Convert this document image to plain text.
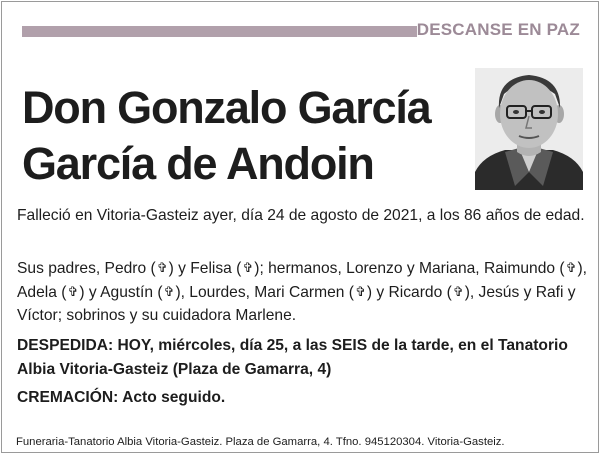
DESCANSE EN PAZ
Don Gonzalo García
García de Andoin

Falleció en Vitoria-Gasteiz ayer, día 24 de agosto de 2021, a los 86 años de edad.

Sus padres, Pedro (✞) y Felisa (✞); hermanos, Lorenzo y Mariana, Raimundo (✞), Adela (✞) y Agustín (✞), Lourdes, Mari Carmen (✞) y Ricardo (✞), Jesús y Rafi y Víctor; sobrinos y su cuidadora Marlene.

DESPEDIDA: HOY, miércoles, día 25, a las SEIS de la tarde, en el Tanatorio Albia Vitoria-Gasteiz (Plaza de Gamarra, 4)

CREMACIÓN: Acto seguido.

Funeraria-Tanatorio Albia Vitoria-Gasteiz. Plaza de Gamarra, 4. Tfno. 945120304. Vitoria-Gasteiz.
